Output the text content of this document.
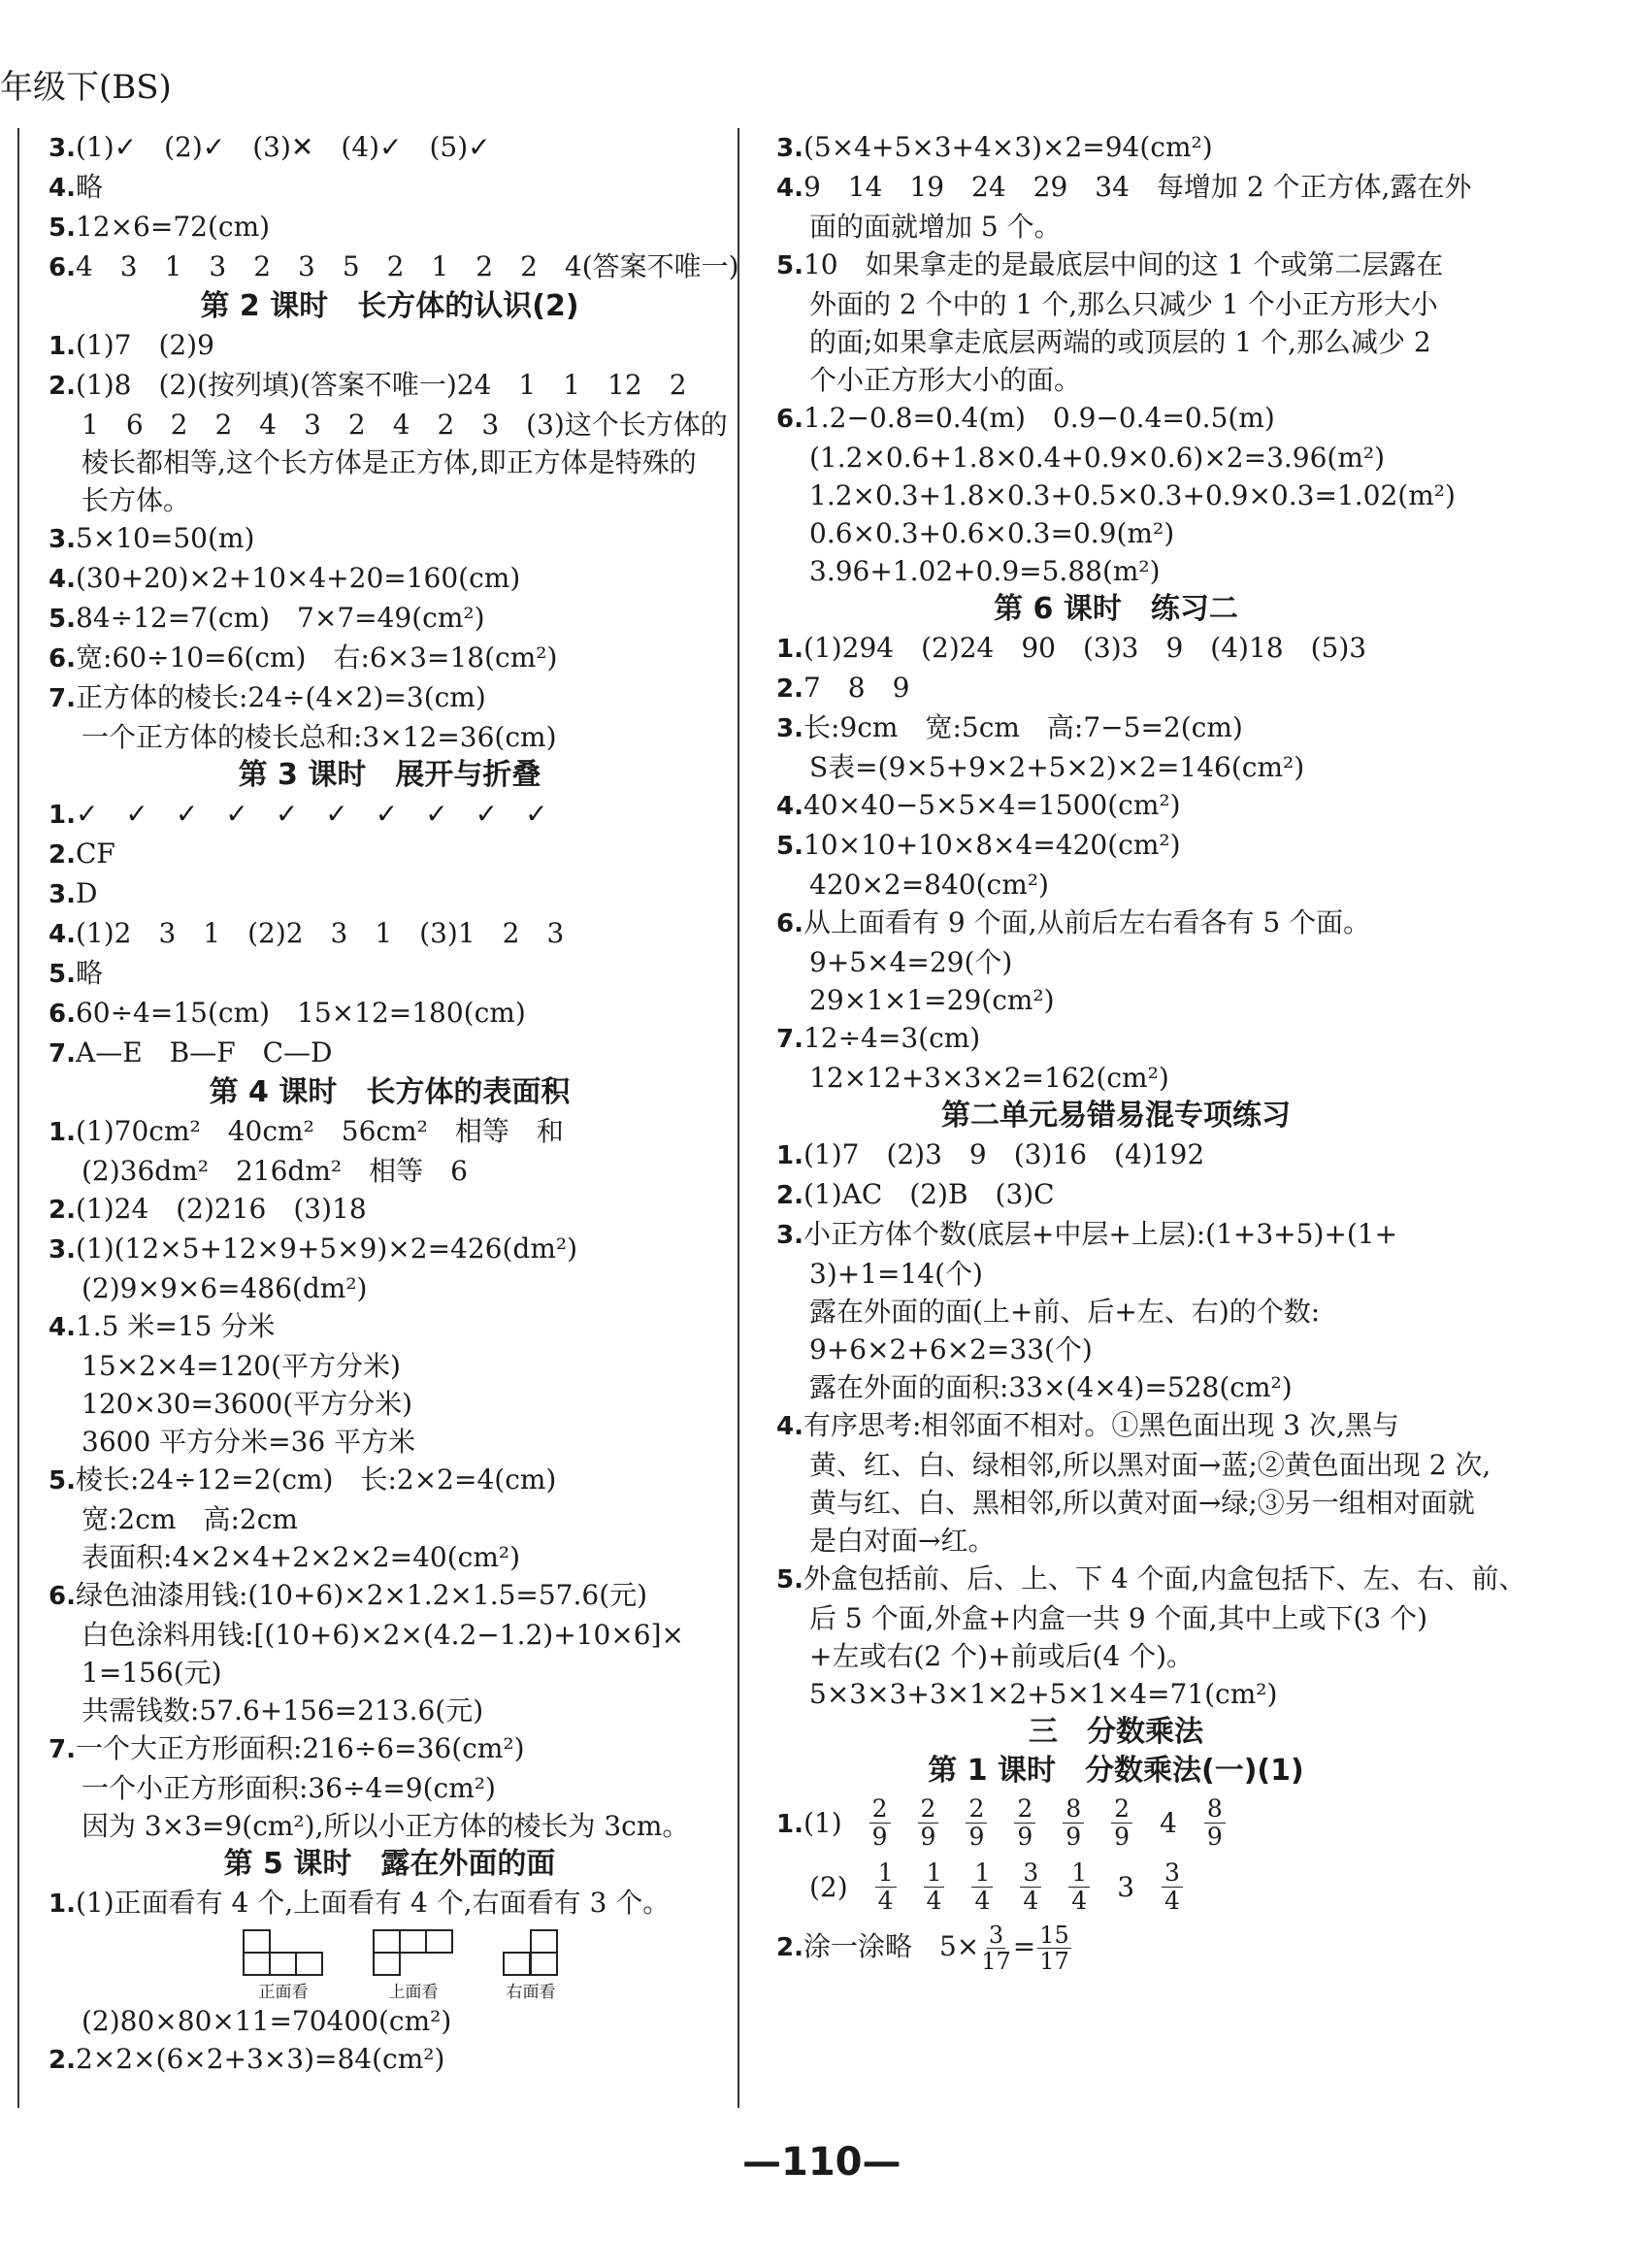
年级下(BS)
3.(1)✓　(2)✓　(3)✕　(4)✓　(5)✓
4.略
5.12×6=72(cm)
6.4　3　1　3　2　3　5　2　1　2　2　4(答案不唯一)
第 2 课时　长方体的认识(2)
1.(1)7　(2)9
2.(1)8　(2)(按列填)(答案不唯一)24　1　1　12　2
1　6　2　2　4　3　2　4　2　3　(3)这个长方体的
棱长都相等,这个长方体是正方体,即正方体是特殊的
长方体。
3.5×10=50(m)
4.(30+20)×2+10×4+20=160(cm)
5.84÷12=7(cm)　7×7=49(cm²)
6.宽:60÷10=6(cm)　右:6×3=18(cm²)
7.正方体的棱长:24÷(4×2)=3(cm)
一个正方体的棱长总和:3×12=36(cm)
第 3 课时　展开与折叠
1.✓　✓　✓　✓　✓　✓　✓　✓　✓　✓
2.CF
3.D
4.(1)2　3　1　(2)2　3　1　(3)1　2　3
5.略
6.60÷4=15(cm)　15×12=180(cm)
7.A—E　B—F　C—D
第 4 课时　长方体的表面积
1.(1)70cm²　40cm²　56cm²　相等　和
(2)36dm²　216dm²　相等　6
2.(1)24　(2)216　(3)18
3.(1)(12×5+12×9+5×9)×2=426(dm²)
(2)9×9×6=486(dm²)
4.1.5 米=15 分米
15×2×4=120(平方分米)
120×30=3600(平方分米)
3600 平方分米=36 平方米
5.棱长:24÷12=2(cm)　长:2×2=4(cm)
宽:2cm　高:2cm
表面积:4×2×4+2×2×2=40(cm²)
6.绿色油漆用钱:(10+6)×2×1.2×1.5=57.6(元)
白色涂料用钱:[(10+6)×2×(4.2−1.2)+10×6]×
1=156(元)
共需钱数:57.6+156=213.6(元)
7.一个大正方形面积:216÷6=36(cm²)
一个小正方形面积:36÷4=9(cm²)
因为 3×3=9(cm²),所以小正方体的棱长为 3cm。
第 5 课时　露在外面的面
1.(1)正面看有 4 个,上面看有 4 个,右面看有 3 个。
正面看	上面看	右面看
(2)80×80×11=70400(cm²)
2.2×2×(6×2+3×3)=84(cm²)
3.(5×4+5×3+4×3)×2=94(cm²)
4.9　14　19　24　29　34　每增加 2 个正方体,露在外
面的面就增加 5 个。
5.10　如果拿走的是最底层中间的这 1 个或第二层露在
外面的 2 个中的 1 个,那么只减少 1 个小正方形大小
的面;如果拿走底层两端的或顶层的 1 个,那么减少 2
个小正方形大小的面。
6.1.2−0.8=0.4(m)　0.9−0.4=0.5(m)
(1.2×0.6+1.8×0.4+0.9×0.6)×2=3.96(m²)
1.2×0.3+1.8×0.3+0.5×0.3+0.9×0.3=1.02(m²)
0.6×0.3+0.6×0.3=0.9(m²)
3.96+1.02+0.9=5.88(m²)
第 6 课时　练习二
1.(1)294　(2)24　90　(3)3　9　(4)18　(5)3
2.7　8　9
3.长:9cm　宽:5cm　高:7−5=2(cm)
S表=(9×5+9×2+5×2)×2=146(cm²)
4.40×40−5×5×4=1500(cm²)
5.10×10+10×8×4=420(cm²)
420×2=840(cm²)
6.从上面看有 9 个面,从前后左右看各有 5 个面。
9+5×4=29(个)
29×1×1=29(cm²)
7.12÷4=3(cm)
12×12+3×3×2=162(cm²)
第二单元易错易混专项练习
1.(1)7　(2)3　9　(3)16　(4)192
2.(1)AC　(2)B　(3)C
3.小正方体个数(底层+中层+上层):(1+3+5)+(1+
3)+1=14(个)
露在外面的面(上+前、后+左、右)的个数:
9+6×2+6×2=33(个)
露在外面的面积:33×(4×4)=528(cm²)
4.有序思考:相邻面不相对。①黑色面出现 3 次,黑与
黄、红、白、绿相邻,所以黑对面→蓝;②黄色面出现 2 次,
黄与红、白、黑相邻,所以黄对面→绿;③另一组相对面就
是白对面→红。
5.外盒包括前、后、上、下 4 个面,内盒包括下、左、右、前、
后 5 个面,外盒+内盒一共 9 个面,其中上或下(3 个)
+左或右(2 个)+前或后(4 个)。
5×3×3+3×1×2+5×1×4=71(cm²)
三　分数乘法
第 1 课时　分数乘法(一)(1)
$1.(1) \frac{2}{9} \frac{2}{9} \frac{2}{9} \frac{2}{9} \frac{8}{9} \frac{2}{9} 4 \frac{8}{9}$
$(2) \frac{1}{4} \frac{1}{4} \frac{1}{4} \frac{3}{4} \frac{1}{4} 3 \frac{3}{4}$
2.涂一涂略　$5\times \frac{3}{17} = \frac{15}{17}$
—110—
